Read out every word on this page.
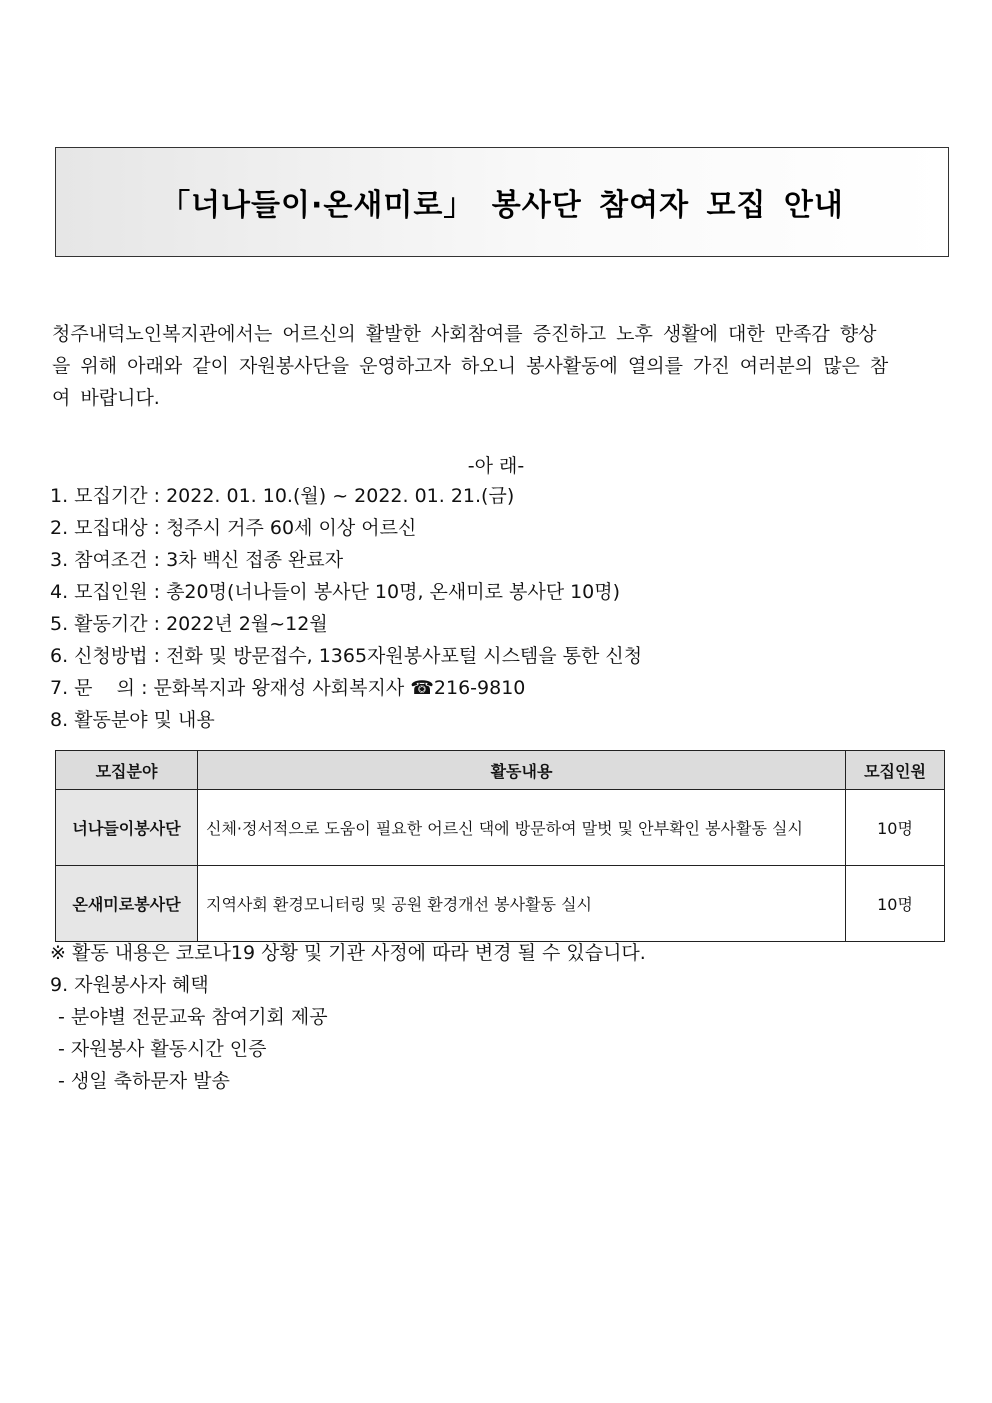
「너나들이·온새미로」 봉사단 참여자 모집 안내
청주내덕노인복지관에서는 어르신의 활발한 사회참여를 증진하고 노후 생활에 대한 만족감 향상
을 위해 아래와 같이 자원봉사단을 운영하고자 하오니 봉사활동에 열의를 가진 여러분의 많은 참
여 바랍니다.
-아 래-
1. 모집기간 : 2022. 01. 10.(월) ~ 2022. 01. 21.(금)
2. 모집대상 : 청주시 거주 60세 이상 어르신
3. 참여조건 : 3차 백신 접종 완료자
4. 모집인원 : 총20명(너나들이 봉사단 10명, 온새미로 봉사단 10명)
5. 활동기간 : 2022년 2월~12월
6. 신청방법 : 전화 및 방문접수, 1365자원봉사포털 시스템을 통한 신청
7. 문    의 : 문화복지과 왕재성 사회복지사 ☎216-9810
8. 활동분야 및 내용
모집분야	활동내용	모집인원
너나들이봉사단	신체·정서적으로 도움이 필요한 어르신 댁에 방문하여 말벗 및 안부확인 봉사활동 실시	10명
온새미로봉사단	지역사회 환경모니터링 및 공원 환경개선 봉사활동 실시	10명
※ 활동 내용은 코로나19 상황 및 기관 사정에 따라 변경 될 수 있습니다.
9. 자원봉사자 혜택
- 분야별 전문교육 참여기회 제공
- 자원봉사 활동시간 인증
- 생일 축하문자 발송
